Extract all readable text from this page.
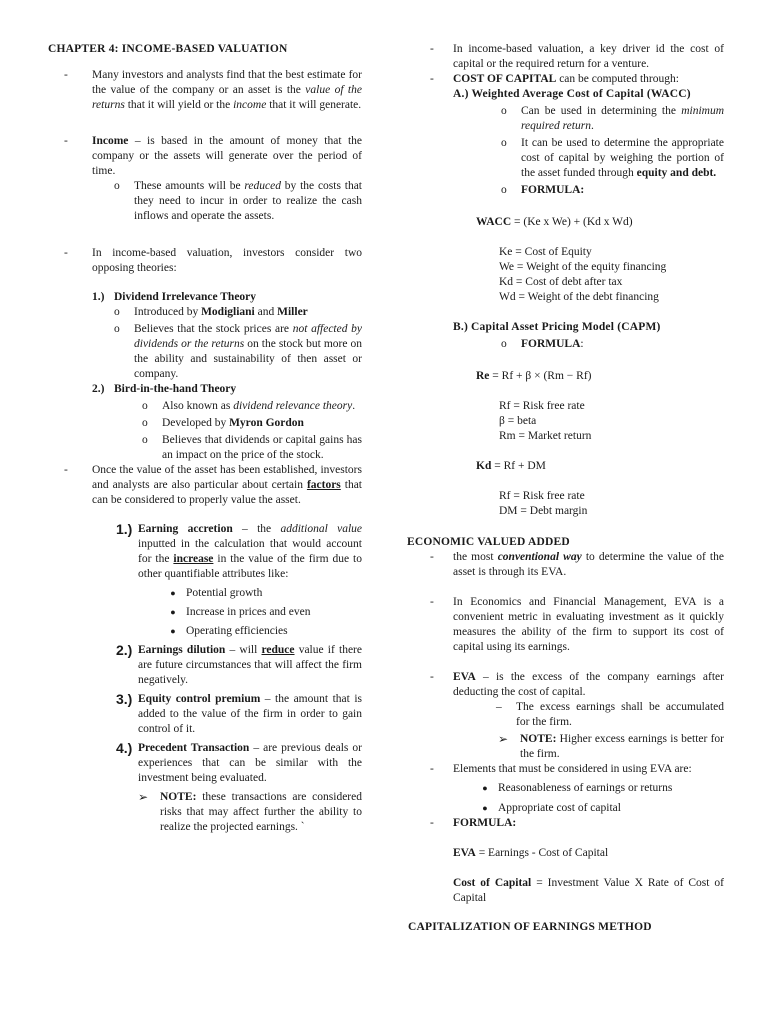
CHAPTER 4: INCOME-BASED VALUATION
-	Many investors and analysts find that the best estimate for the value of the company or an asset is the value of the returns that it will yield or the income that it will generate.
-	Income – is based in the amount of money that the company or the assets will generate over the period of time.
o	These amounts will be reduced by the costs that they need to incur in order to realize the cash inflows and operate the assets.
-	In income-based valuation, investors consider two opposing theories:
1.) Dividend Irrelevance Theory
o	Introduced by Modigliani and Miller
o	Believes that the stock prices are not affected by dividends or the returns on the stock but more on the ability and sustainability of then asset or company.
2.) Bird-in-the-hand Theory
o	Also known as dividend relevance theory.
o	Developed by Myron Gordon
o	Believes that dividends or capital gains has an impact on the price of the stock.
-	Once the value of the asset has been established, investors and analysts are also particular about certain factors that can be considered to properly value the asset.
1.) Earning accretion – the additional value inputted in the calculation that would account for the increase in the value of the firm due to other quantifiable attributes like:
● Potential growth
● Increase in prices and even
● Operating efficiencies
2.) Earnings dilution – will reduce value if there are future circumstances that will affect the firm negatively.
3.) Equity control premium – the amount that is added to the value of the firm in order to gain control of it.
4.) Precedent Transaction – are previous deals or experiences that can be similar with the investment being evaluated.
➢	NOTE: these transactions are considered risks that may affect further the ability to realize the projected earnings. `
-	In income-based valuation, a key driver id the cost of capital or the required return for a venture.
-	COST OF CAPITAL can be computed through:
A.) Weighted Average Cost of Capital (WACC)
o	Can be used in determining the minimum required return.
o	It can be used to determine the appropriate cost of capital by weighing the portion of the asset funded through equity and debt.
o	FORMULA:
WACC = (Ke x We) + (Kd x Wd)
Ke = Cost of Equity
We = Weight of the equity financing
Kd = Cost of debt after tax
Wd = Weight of the debt financing
B.) Capital Asset Pricing Model (CAPM)
o	FORMULA:
Re = Rf + β × (Rm − Rf)
Rf = Risk free rate
β = beta
Rm = Market return
Kd = Rf + DM
Rf = Risk free rate
DM = Debt margin
ECONOMIC VALUED ADDED
-	the most conventional way to determine the value of the asset is through its EVA.
-	In Economics and Financial Management, EVA is a convenient metric in evaluating investment as it quickly measures the ability of the firm to support its cost of capital using its earnings.
-	EVA – is the excess of the company earnings after deducting the cost of capital.
–	The excess earnings shall be accumulated for the firm.
➢	NOTE: Higher excess earnings is better for the firm.
-	Elements that must be considered in using EVA are:
● Reasonableness of earnings or returns
● Appropriate cost of capital
-	FORMULA:
EVA = Earnings - Cost of Capital
Cost of Capital = Investment Value X Rate of Cost of Capital
CAPITALIZATION OF EARNINGS METHOD
